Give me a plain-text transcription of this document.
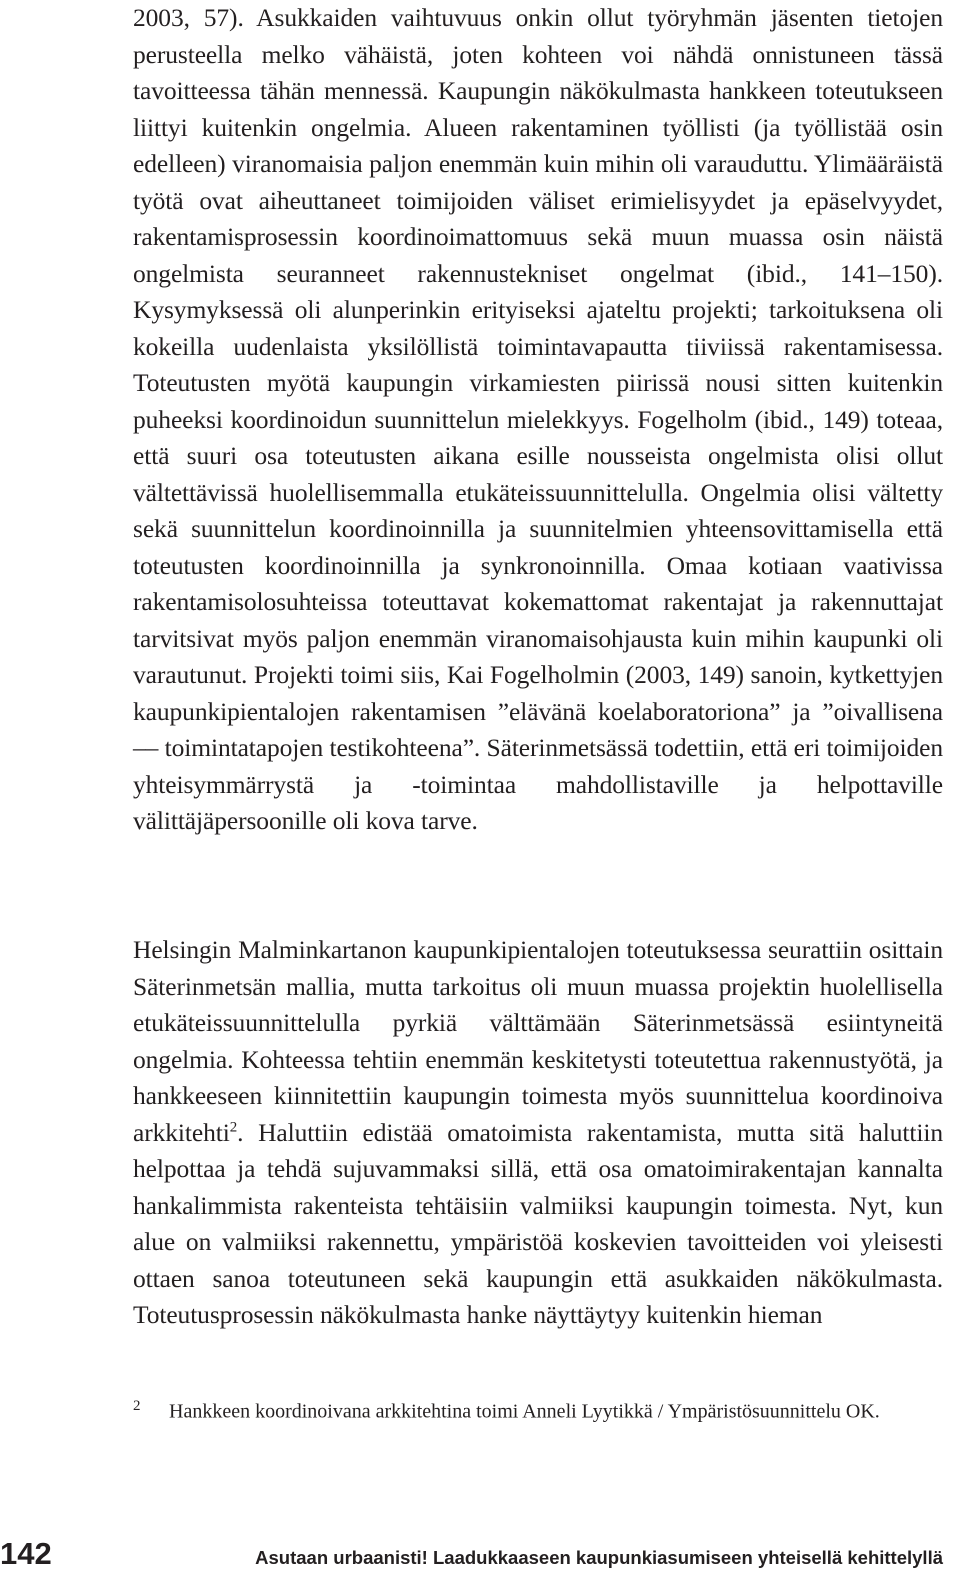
2003, 57). Asukkaiden vaihtuvuus onkin ollut työryhmän jäsenten tietojen perusteella melko vähäistä, joten kohteen voi nähdä onnistuneen tässä tavoitteessa tähän mennessä. Kaupungin näkökulmasta hankkeen toteutukseen liittyi kuitenkin ongelmia. Alueen rakentaminen työllisti (ja työllistää osin edelleen) viranomaisia paljon enemmän kuin mihin oli varauduttu. Ylimääräistä työtä ovat aiheuttaneet toimijoiden väliset erimielisyydet ja epäselvyydet, rakentamisprosessin koordinoimattomuus sekä muun muassa osin näistä ongelmista seuranneet rakennustekniset ongelmat (ibid., 141–150). Kysymyksessä oli alunperinkin erityiseksi ajateltu projekti; tarkoituksena oli kokeilla uudenlaista yksilöllistä toimintavapautta tiiviissä rakentamisessa. Toteutusten myötä kaupungin virkamiesten piirissä nousi sitten kuitenkin puheeksi koordinoidun suunnittelun mielekkyys. Fogelholm (ibid., 149) toteaa, että suuri osa toteutusten aikana esille nousseista ongelmista olisi ollut vältettävissä huolellisemmalla etukäteissuunnittelulla. Ongelmia olisi vältetty sekä suunnittelun koordinoinnilla ja suunnitelmien yhteensovittamisella että toteutusten koordinoinnilla ja synkronoinnilla. Omaa kotiaan vaativissa rakentamisolosuhteissa toteuttavat kokemattomat rakentajat ja rakennuttajat tarvitsivat myös paljon enemmän viranomaisohjausta kuin mihin kaupunki oli varautunut. Projekti toimi siis, Kai Fogelholmin (2003, 149) sanoin, kytkettyjen kaupunkipientalojen rakentamisen ”elävänä koelaboratoriona” ja ”oivallisena –– toimintatapojen testikohteena”. Säterinmetsässä todettiin, että eri toimijoiden yhteisymmärrystä ja -toimintaa mahdollistaville ja helpottaville välittäjäpersoonille oli kova tarve.

Helsingin Malminkartanon kaupunkipientalojen toteutuksessa seurattiin osittain Säterinmetsän mallia, mutta tarkoitus oli muun muassa projektin huolellisella etukäteissuunnittelulla pyrkiä välttämään Säterinmetsässä esiintyneitä ongelmia. Kohteessa tehtiin enemmän keskitetysti toteutettua rakennustyötä, ja hankkeeseen kiinnitettiin kaupungin toimesta myös suunnittelua koordinoiva arkkitehti$^2$. Haluttiin edistää omatoimista rakentamista, mutta sitä haluttiin helpottaa ja tehdä sujuvammaksi sillä, että osa omatoimirakentajan kannalta hankalimmista rakenteista tehtäisiin valmiiksi kaupungin toimesta. Nyt, kun alue on valmiiksi rakennettu, ympäristöä koskevien tavoitteiden voi yleisesti ottaen sanoa toteutuneen sekä kaupungin että asukkaiden näkökulmasta. Toteutusprosessin näkökulmasta hanke näyttäytyy kuitenkin hieman

2 Hankkeen koordinoivana arkkitehtina toimi Anneli Lyytikkä / Ympäristösuunnittelu OK.
142	Asutaan urbaanisti! Laadukkaaseen kaupunkiasumiseen yhteisellä kehittelyllä
